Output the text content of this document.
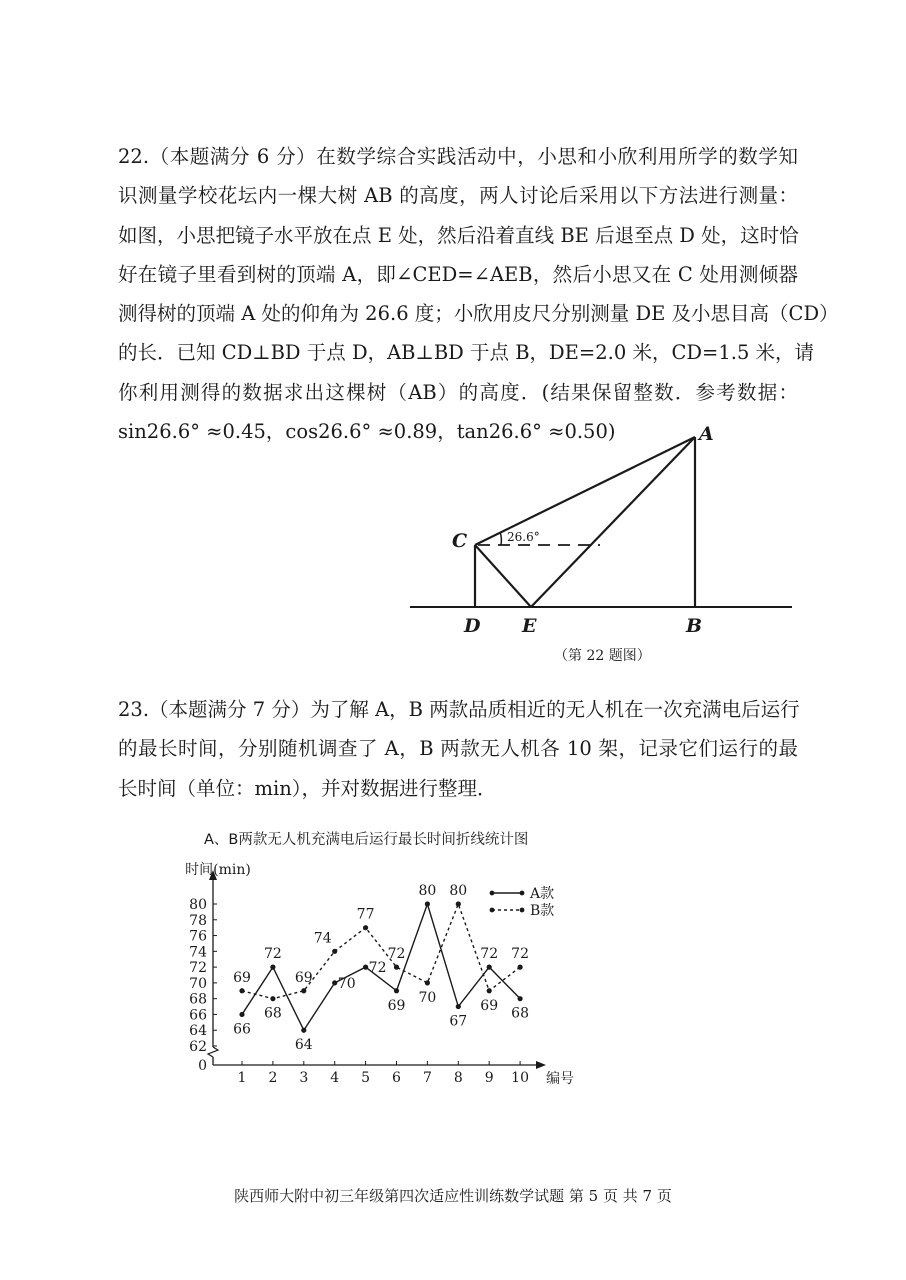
22.（本题满分 6 分）在数学综合实践活动中，小思和小欣利用所学的数学知
识测量学校花坛内一棵大树 AB 的高度，两人讨论后采用以下方法进行测量：
如图，小思把镜子水平放在点 E 处，然后沿着直线 BE 后退至点 D 处，这时恰
好在镜子里看到树的顶端 A，即∠CED=∠AEB，然后小思又在 C 处用测倾器
测得树的顶端 A 处的仰角为 26.6 度；小欣用皮尺分别测量 DE 及小思目高（CD）
的长．已知 CD⊥BD 于点 D，AB⊥BD 于点 B，DE=2.0 米，CD=1.5 米，请
你利用测得的数据求出这棵树（AB）的高度．(结果保留整数．参考数据：
sin26.6° ≈0.45，cos26.6° ≈0.89，tan26.6° ≈0.50)
26.6°
A
C
D E	B
（第 22 题图）
23.（本题满分 7 分）为了解 A，B 两款品质相近的无人机在一次充满电后运行
的最长时间，分别随机调查了 A，B 两款无人机各 10 架，记录它们运行的最
长时间（单位：min），并对数据进行整理．
A、B两款无人机充满电后运行最长时间折线统计图
时间(min)
编号
0
62
64
66
68
70
72
74
76
78
80
1 2 3 4 5 6 7 8 9 10
66
72
64
70
72
69
80
67
72
68
69
68
69
74
77
72
70
80
69
72
A款
B款
陕西师大附中初三年级第四次适应性训练数学试题 第 5 页 共 7 页
